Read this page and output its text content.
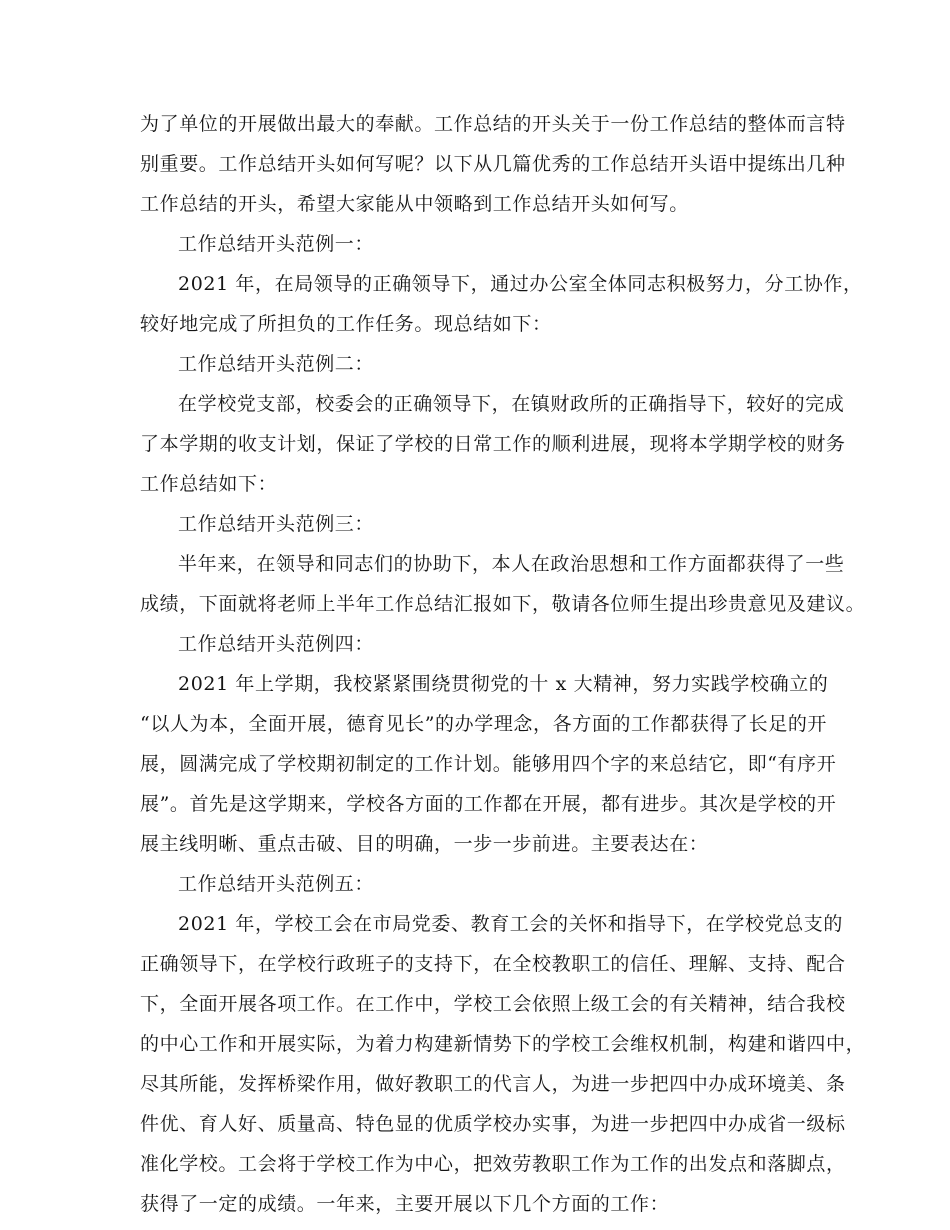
为了单位的开展做出最大的奉献。工作总结的开头关于一份工作总结的整体而言特
别重要。工作总结开头如何写呢？以下从几篇优秀的工作总结开头语中提练出几种
工作总结的开头，希望大家能从中领略到工作总结开头如何写。
工作总结开头范例一：
2021 年，在局领导的正确领导下，通过办公室全体同志积极努力，分工协作，
较好地完成了所担负的工作任务。现总结如下：
工作总结开头范例二：
在学校党支部，校委会的正确领导下，在镇财政所的正确指导下，较好的完成
了本学期的收支计划，保证了学校的日常工作的顺利进展，现将本学期学校的财务
工作总结如下：
工作总结开头范例三：
半年来，在领导和同志们的协助下，本人在政治思想和工作方面都获得了一些
成绩，下面就将老师上半年工作总结汇报如下，敬请各位师生提出珍贵意见及建议。
工作总结开头范例四：
2021 年上学期，我校紧紧围绕贯彻党的十 x 大精神，努力实践学校确立的
“以人为本，全面开展，德育见长”的办学理念，各方面的工作都获得了长足的开
展，圆满完成了学校期初制定的工作计划。能够用四个字的来总结它，即“有序开
展”。首先是这学期来，学校各方面的工作都在开展，都有进步。其次是学校的开
展主线明晰、重点击破、目的明确，一步一步前进。主要表达在：
工作总结开头范例五：
2021 年，学校工会在市局党委、教育工会的关怀和指导下，在学校党总支的
正确领导下，在学校行政班子的支持下，在全校教职工的信任、理解、支持、配合
下，全面开展各项工作。在工作中，学校工会依照上级工会的有关精神，结合我校
的中心工作和开展实际，为着力构建新情势下的学校工会维权机制，构建和谐四中，
尽其所能，发挥桥梁作用，做好教职工的代言人，为进一步把四中办成环境美、条
件优、育人好、质量高、特色显的优质学校办实事，为进一步把四中办成省一级标
准化学校。工会将于学校工作为中心，把效劳教职工作为工作的出发点和落脚点，
获得了一定的成绩。一年来，主要开展以下几个方面的工作：
